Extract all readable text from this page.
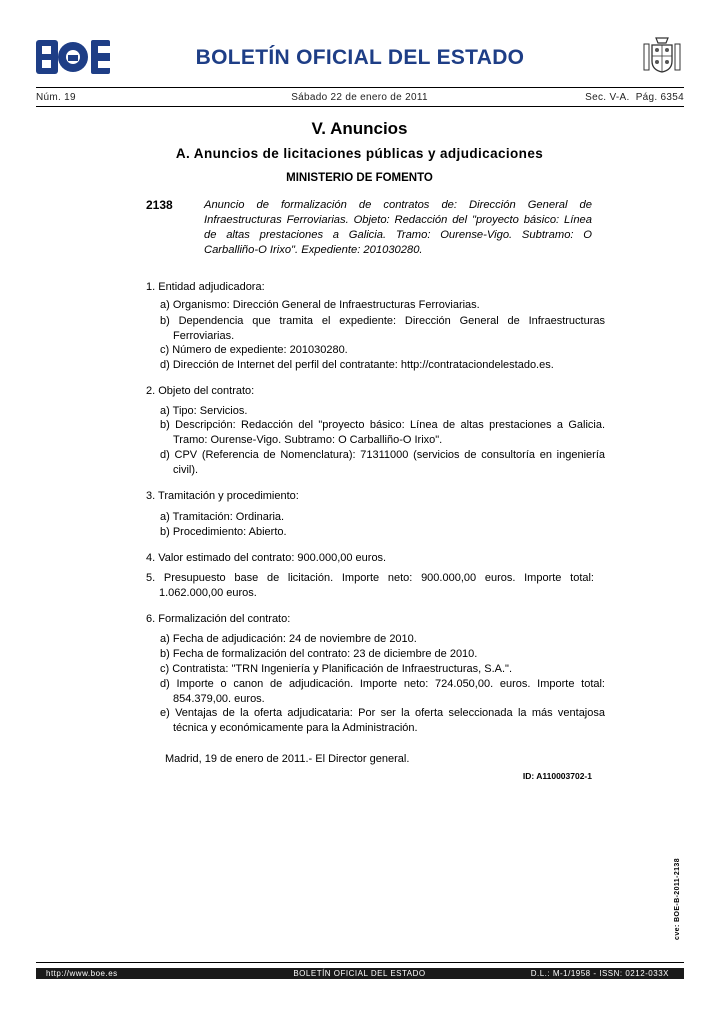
BOLETÍN OFICIAL DEL ESTADO
Núm. 19	Sábado 22 de enero de 2011	Sec. V-A.  Pág. 6354
V. Anuncios
A. Anuncios de licitaciones públicas y adjudicaciones
MINISTERIO DE FOMENTO
2138	Anuncio de formalización de contratos de: Dirección General de Infraestructuras Ferroviarias. Objeto: Redacción del "proyecto básico: Línea de altas prestaciones a Galicia. Tramo: Ourense-Vigo. Subtramo: O Carballiño-O Irixo". Expediente: 201030280.
1. Entidad adjudicadora:
a) Organismo: Dirección General de Infraestructuras Ferroviarias.
b) Dependencia que tramita el expediente: Dirección General de Infraestructuras Ferroviarias.
c) Número de expediente: 201030280.
d) Dirección de Internet del perfil del contratante: http://contrataciondelestado.es.
2. Objeto del contrato:
a) Tipo: Servicios.
b) Descripción: Redacción del "proyecto básico: Línea de altas prestaciones a Galicia. Tramo: Ourense-Vigo. Subtramo: O Carballiño-O Irixo".
d) CPV (Referencia de Nomenclatura): 71311000 (servicios de consultoría en ingeniería civil).
3. Tramitación y procedimiento:
a) Tramitación: Ordinaria.
b) Procedimiento: Abierto.
4. Valor estimado del contrato: 900.000,00 euros.
5. Presupuesto base de licitación. Importe neto: 900.000,00 euros. Importe total: 1.062.000,00 euros.
6. Formalización del contrato:
a) Fecha de adjudicación: 24 de noviembre de 2010.
b) Fecha de formalización del contrato: 23 de diciembre de 2010.
c) Contratista: "TRN Ingeniería y Planificación de Infraestructuras, S.A.".
d) Importe o canon de adjudicación. Importe neto: 724.050,00. euros. Importe total: 854.379,00. euros.
e) Ventajas de la oferta adjudicataria: Por ser la oferta seleccionada la más ventajosa técnica y económicamente para la Administración.
Madrid, 19 de enero de 2011.- El Director general.
ID: A110003702-1
cve: BOE-B-2011-2138
http://www.boe.es	BOLETÍN OFICIAL DEL ESTADO	D.L.: M-1/1958 - ISSN: 0212-033X
